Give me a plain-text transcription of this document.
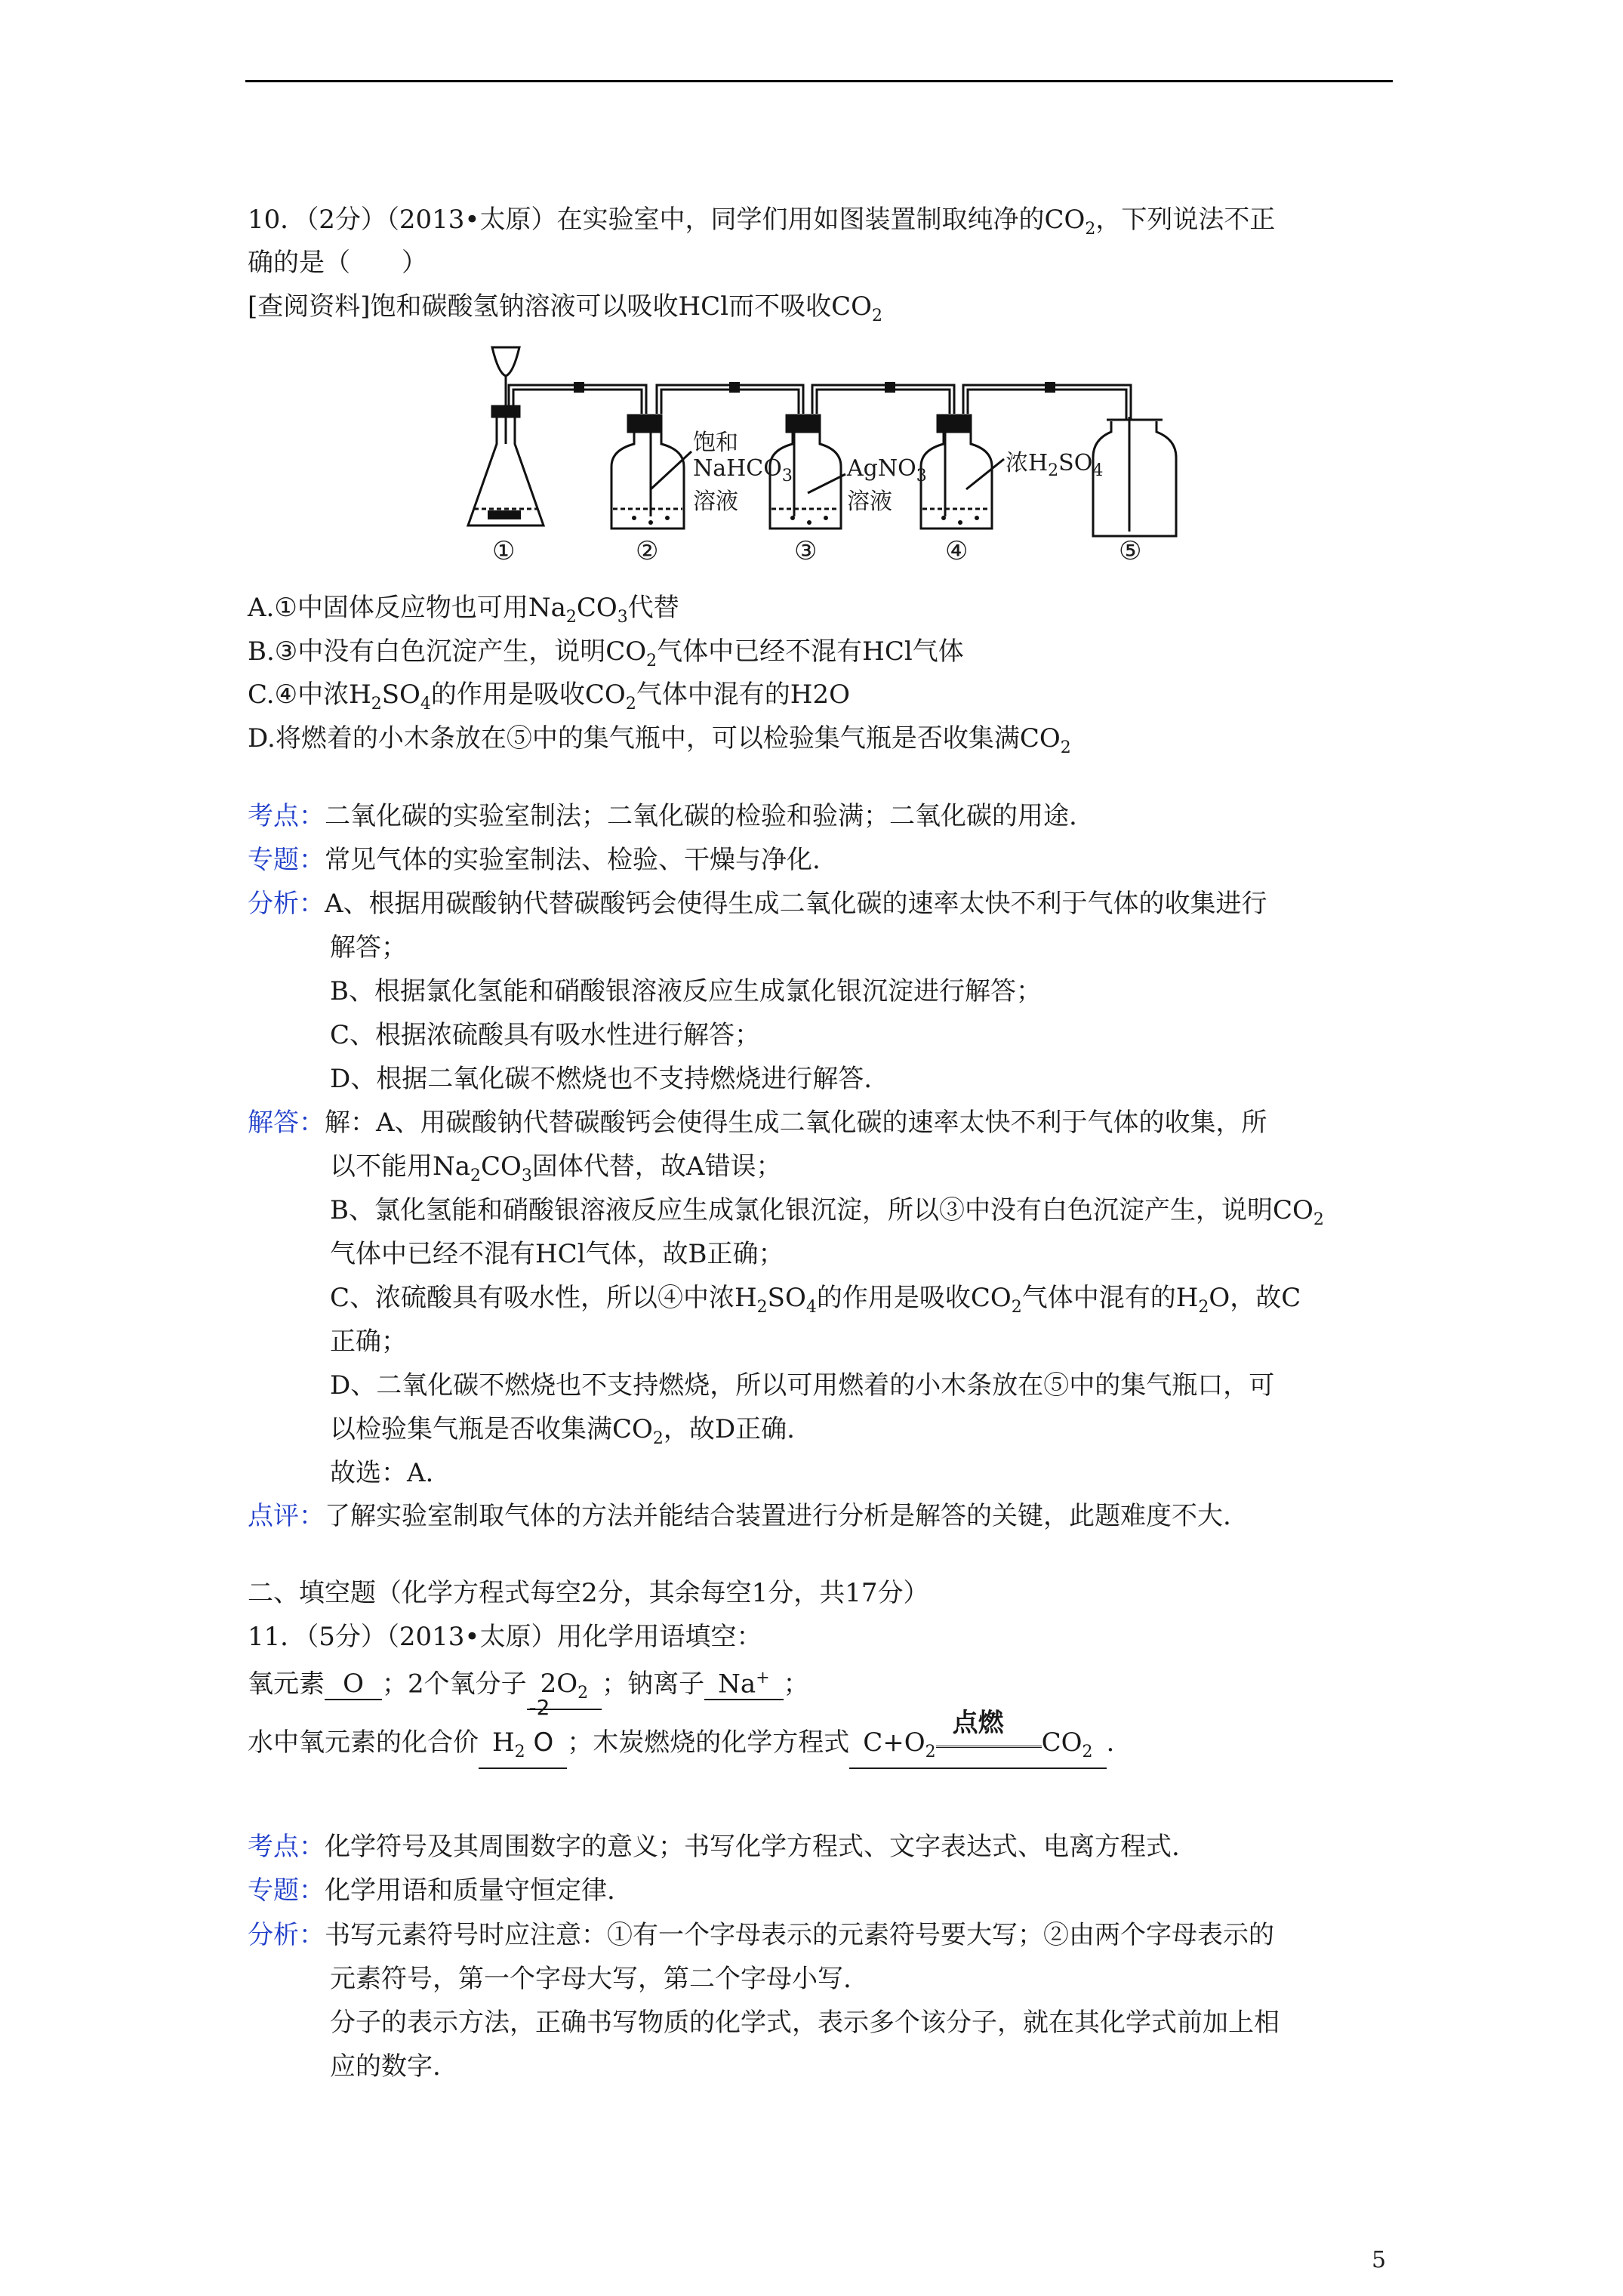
10．（2分）（2013•太原）在实验室中，同学们用如图装置制取纯净的$CO_2$，下列说法不正
确的是（　　）
[查阅资料]饱和碳酸氢钠溶液可以吸收HCl而不吸收$CO_2$
饱和
NaHCO$_3$
溶液
AgNO$_3$
溶液
浓$H_2SO_4$
①	②	③	④	⑤
A.①中固体反应物也可用$Na_2CO_3$代替
B.③中没有白色沉淀产生，说明$CO_2$气体中已经不混有HCl气体
C.④中浓$H_2SO_4$的作用是吸收$CO_2$气体中混有的H2O
D.将燃着的小木条放在⑤中的集气瓶中，可以检验集气瓶是否收集满$CO_2$
考点：二氧化碳的实验室制法；二氧化碳的检验和验满；二氧化碳的用途.
专题：常见气体的实验室制法、检验、干燥与净化.
分析：A、根据用碳酸钠代替碳酸钙会使得生成二氧化碳的速率太快不利于气体的收集进行
解答；
B、根据氯化氢能和硝酸银溶液反应生成氯化银沉淀进行解答；
C、根据浓硫酸具有吸水性进行解答；
D、根据二氧化碳不燃烧也不支持燃烧进行解答.
解答：解：A、用碳酸钠代替碳酸钙会使得生成二氧化碳的速率太快不利于气体的收集，所
以不能用$Na_2CO_3$固体代替，故A错误；
B、氯化氢能和硝酸银溶液反应生成氯化银沉淀，所以③中没有白色沉淀产生，说明$CO_2$
气体中已经不混有HCl气体，故B正确；
C、浓硫酸具有吸水性，所以④中浓$H_2SO_4$的作用是吸收$CO_2$气体中混有的$H_2O$，故C
正确；
D、二氧化碳不燃烧也不支持燃烧，所以可用燃着的小木条放在⑤中的集气瓶口，可
以检验集气瓶是否收集满$CO_2$，故D正确.
故选：A.
点评：了解实验室制取气体的方法并能结合装置进行分析是解答的关键，此题难度不大.
二、填空题（化学方程式每空2分，其余每空1分，共17分）
11．（5分）（2013•太原）用化学用语填空：
氧元素 O ；2个氧分子 $2O_2$ ；钠离子 Na+ ；
水中氧元素的化合价 $H_2$
-2
O ；木炭燃烧的化学方程式 $C+O_2$
点燃
$CO_2$ .
考点：化学符号及其周围数字的意义；书写化学方程式、文字表达式、电离方程式.
专题：化学用语和质量守恒定律.
分析：书写元素符号时应注意：①有一个字母表示的元素符号要大写；②由两个字母表示的
元素符号，第一个字母大写，第二个字母小写.
分子的表示方法，正确书写物质的化学式，表示多个该分子，就在其化学式前加上相
应的数字.
5
